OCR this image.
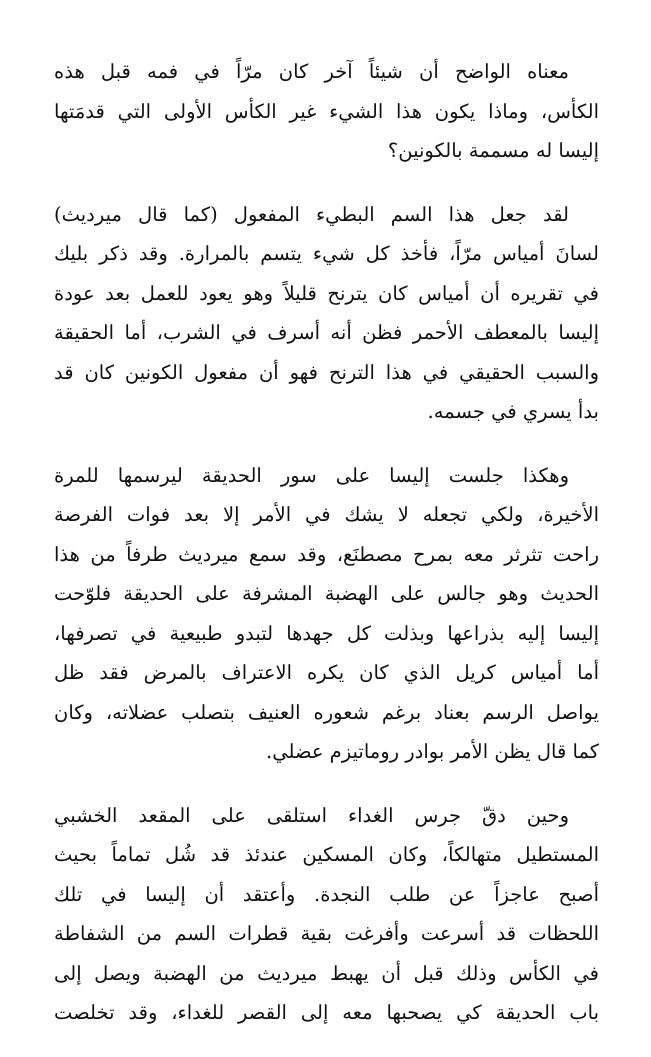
معناه الواضح أن شيئاً آخر كان مرّاً في فمه قبل هذه
الكأس، وماذا يكون هذا الشيء غير الكأس الأولى التي قدمَتها
إليسا له مسممة بالكونين؟
لقد جعل هذا السم البطيء المفعول (كما قال ميرديث)
لسانَ أمياس مرّاً، فأخذ كل شيء يتسم بالمرارة. وقد ذكر بليك
في تقريره أن أمياس كان يترنح قليلاً وهو يعود للعمل بعد عودة
إليسا بالمعطف الأحمر فظن أنه أسرف في الشرب، أما الحقيقة
والسبب الحقيقي في هذا الترنح فهو أن مفعول الكونين كان قد
بدأ يسري في جسمه.
وهكذا جلست إليسا على سور الحديقة ليرسمها للمرة
الأخيرة، ولكي تجعله لا يشك في الأمر إلا بعد فوات الفرصة
راحت تثرثر معه بمرح مصطنَع، وقد سمع ميرديث طرفاً من هذا
الحديث وهو جالس على الهضبة المشرفة على الحديقة فلوّحت
إليسا إليه بذراعها وبذلت كل جهدها لتبدو طبيعية في تصرفها،
أما أمياس كريل الذي كان يكره الاعتراف بالمرض فقد ظل
يواصل الرسم بعناد برغم شعوره العنيف بتصلب عضلاته، وكان
كما قال يظن الأمر بوادر روماتيزم عضلي.
وحين دقّ جرس الغداء استلقى على المقعد الخشبي
المستطيل متهالكاً، وكان المسكين عندئذ قد شُل تماماً بحيث
أصبح عاجزاً عن طلب النجدة. وأعتقد أن إليسا في تلك
اللحظات قد أسرعت وأفرغت بقية قطرات السم من الشفاطة
في الكأس وذلك قبل أن يهبط ميرديث من الهضبة ويصل إلى
باب الحديقة كي يصحبها معه إلى القصر للغداء، وقد تخلصت
